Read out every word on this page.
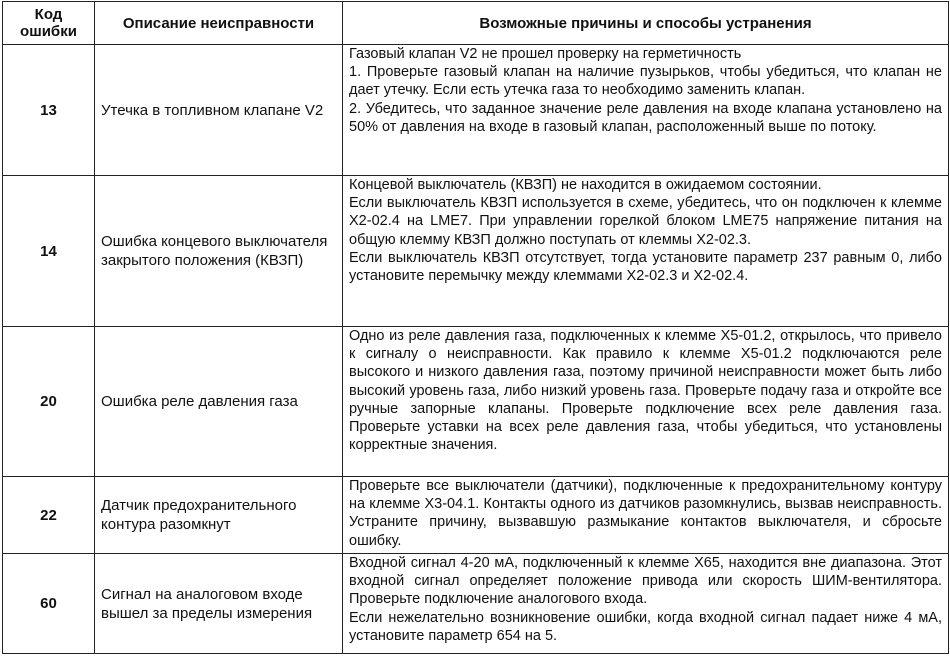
Код ошибки	Описание неисправности	Возможные причины и способы устранения
13	Утечка в топливном клапане V2	Газовый клапан V2 не прошел проверку на герметичность
1. Проверьте газовый клапан на наличие пузырьков, чтобы убедиться, что клапан не дает утечку. Если есть утечка газа то необходимо заменить клапан.
2. Убедитесь, что заданное значение реле давления на входе клапана установлено на 50% от давления на входе в газовый клапан, расположенный выше по потоку.

14	Ошибка концевого выключателя закрытого положения (КВЗП)	Концевой выключатель (КВЗП) не находится в ожидаемом состоянии.
Если выключатель КВЗП используется в схеме, убедитесь, что он подключен к клемме X2-02.4 на LME7. При управлении горелкой блоком LME75 напряжение питания на общую клемму КВЗП должно поступать от клеммы X2-02.3.
Если выключатель КВЗП отсутствует, тогда установите параметр 237 равным 0, либо установите перемычку между клеммами X2-02.3 и X2-02.4.

20	Ошибка реле давления газа	Одно из реле давления газа, подключенных к клемме X5-01.2, открылось, что привело к сигналу о неисправности. Как правило к клемме X5-01.2 подключаются реле высокого и низкого давления газа, поэтому причиной неисправности может быть либо высокий уровень газа, либо низкий уровень газа. Проверьте подачу газа и откройте все ручные запорные клапаны. Проверьте подключение всех реле давления газа. Проверьте уставки на всех реле давления газа, чтобы убедиться, что установлены корректные значения.

22	Датчик предохранительного контура разомкнут	Проверьте все выключатели (датчики), подключенные к предохранительному контуру на клемме X3-04.1. Контакты одного из датчиков разомкнулись, вызвав неисправность. Устраните причину, вызвавшую размыкание контактов выключателя, и сбросьте ошибку.

60	Сигнал на аналоговом входе вышел за пределы измерения	Входной сигнал 4-20 мА, подключенный к клемме X65, находится вне диапазона. Этот входной сигнал определяет положение привода или скорость ШИМ-вентилятора. Проверьте подключение аналогового входа.
Если нежелательно возникновение ошибки, когда входной сигнал падает ниже 4 мА, установите параметр 654 на 5.
